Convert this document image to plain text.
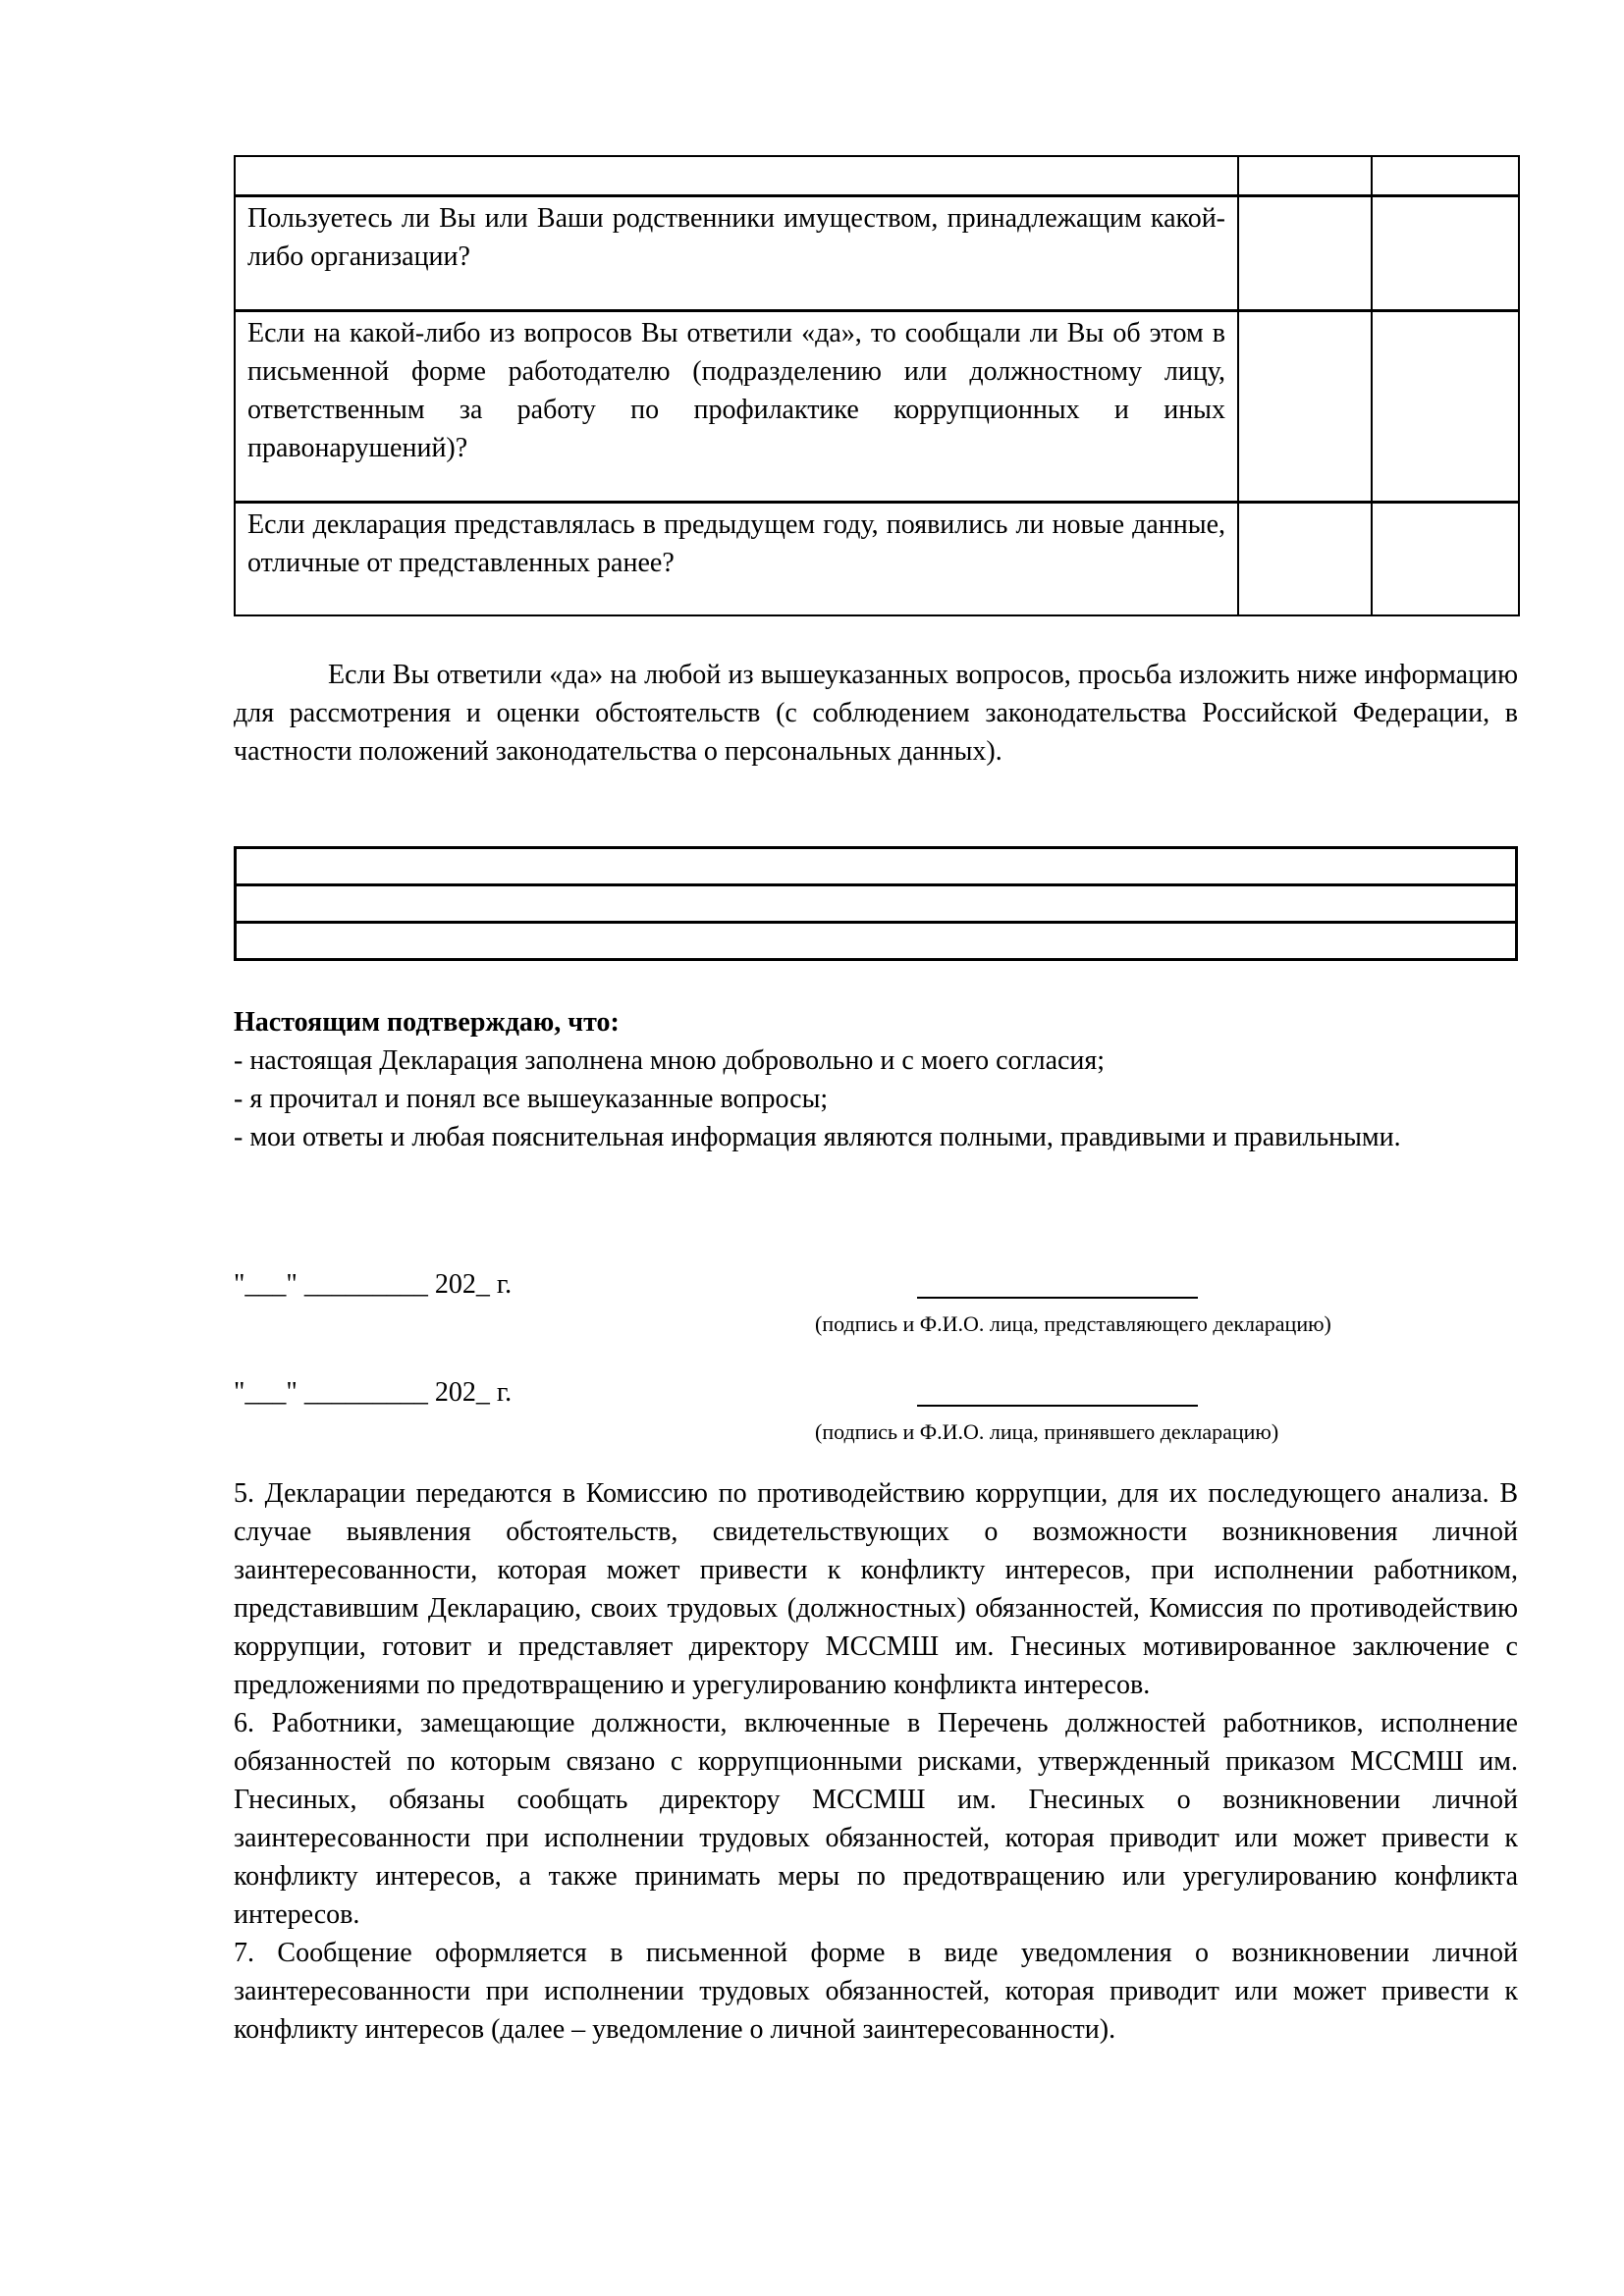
Пользуетесь ли Вы или Ваши родственники имуществом, принадлежащим какой-либо организации?		

Если на какой-либо из вопросов Вы ответили «да», то сообщали ли Вы об этом в письменной форме работодателю (подразделению или должностному лицу, ответственным за работу по профилактике коррупционных и иных правонарушений)?		

Если декларация представлялась в предыдущем году, появились ли новые данные, отличные от представленных ранее?		

Если Вы ответили «да» на любой из вышеуказанных вопросов, просьба изложить ниже информацию для рассмотрения и оценки обстоятельств (с соблюдением законодательства Российской Федерации, в частности положений законодательства о персональных данных).

Настоящим подтверждаю, что:
- настоящая Декларация заполнена мною добровольно и с моего согласия;
- я прочитал и понял все вышеуказанные вопросы;
- мои ответы и любая пояснительная информация являются полными, правдивыми и правильными.
"___" _________ 202_ г.
(подпись и Ф.И.О. лица, представляющего декларацию)
"___" _________ 202_ г.
(подпись и Ф.И.О. лица, принявшего декларацию)

5. Декларации передаются в Комиссию по противодействию коррупции, для их последующего анализа. В случае выявления обстоятельств, свидетельствующих о возможности возникновения личной заинтересованности, которая может привести к конфликту интересов, при исполнении работником, представившим Декларацию, своих трудовых (должностных) обязанностей, Комиссия по противодействию коррупции, готовит и представляет директору МССМШ им. Гнесиных мотивированное заключение с предложениями по предотвращению и урегулированию конфликта интересов.

6. Работники, замещающие должности, включенные в Перечень должностей работников, исполнение обязанностей по которым связано с коррупционными рисками, утвержденный приказом МССМШ им. Гнесиных, обязаны сообщать директору МССМШ им. Гнесиных о возникновении личной заинтересованности при исполнении трудовых обязанностей, которая приводит или может привести к конфликту интересов, а также принимать меры по предотвращению или урегулированию конфликта интересов.

7. Сообщение оформляется в письменной форме в виде уведомления о возникновении личной заинтересованности при исполнении трудовых обязанностей, которая приводит или может привести к конфликту интересов (далее – уведомление о личной заинтересованности).
